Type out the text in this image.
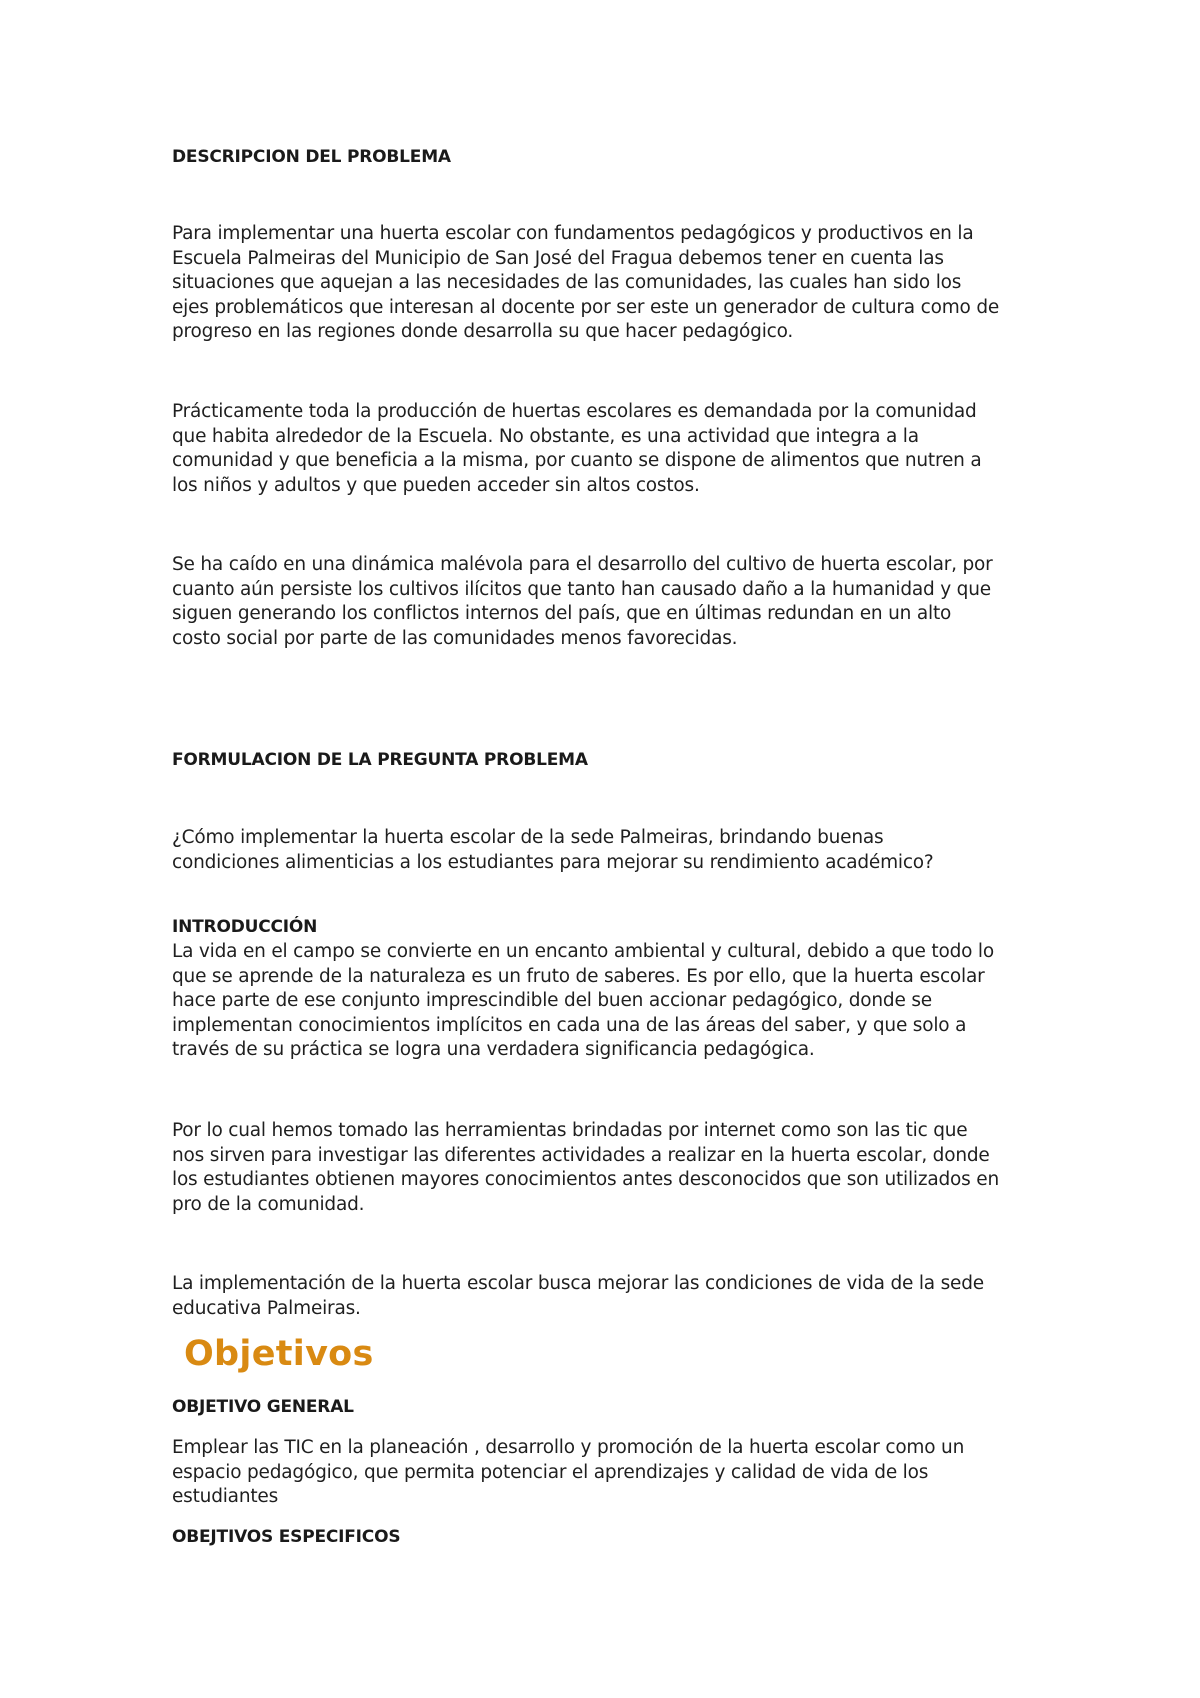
DESCRIPCION DEL PROBLEMA
Para implementar una huerta escolar con fundamentos pedagógicos y productivos en la
Escuela Palmeiras del Municipio de San José del Fragua debemos tener en cuenta las
situaciones que aquejan a las necesidades de las comunidades, las cuales han sido los
ejes problemáticos que interesan al docente por ser este un generador de cultura como de
progreso en las regiones donde desarrolla su que hacer pedagógico.
Prácticamente toda la producción de huertas escolares es demandada por la comunidad
que habita alrededor de la Escuela. No obstante, es una actividad que integra a la
comunidad y que beneficia a la misma, por cuanto se dispone de alimentos que nutren a
los niños y adultos y que pueden acceder sin altos costos.
Se ha caído en una dinámica malévola para el desarrollo del cultivo de huerta escolar, por
cuanto aún persiste los cultivos ilícitos que tanto han causado daño a la humanidad y que
siguen generando los conflictos internos del país, que en últimas redundan en un alto
costo social por parte de las comunidades menos favorecidas.
FORMULACION DE LA PREGUNTA PROBLEMA
¿Cómo implementar la huerta escolar de la sede Palmeiras, brindando buenas
condiciones alimenticias a los estudiantes para mejorar su rendimiento académico?
INTRODUCCIÓN
La vida en el campo se convierte en un encanto ambiental y cultural, debido a que todo lo
que se aprende de la naturaleza es un fruto de saberes. Es por ello, que la huerta escolar
hace parte de ese conjunto imprescindible del buen accionar pedagógico, donde se
implementan conocimientos implícitos en cada una de las áreas del saber, y que solo a
través de su práctica se logra una verdadera significancia pedagógica.
Por lo cual hemos tomado las herramientas brindadas por internet como son las tic que
nos sirven para investigar las diferentes actividades a realizar en la huerta escolar, donde
los estudiantes obtienen mayores conocimientos antes desconocidos que son utilizados en
pro de la comunidad.
La implementación de la huerta escolar busca mejorar las condiciones de vida de la sede
educativa Palmeiras.
Objetivos
OBJETIVO GENERAL
Emplear las TIC en la planeación , desarrollo y promoción de la huerta escolar como un
espacio pedagógico, que permita potenciar el aprendizajes y calidad de vida de los
estudiantes
OBEJTIVOS ESPECIFICOS
